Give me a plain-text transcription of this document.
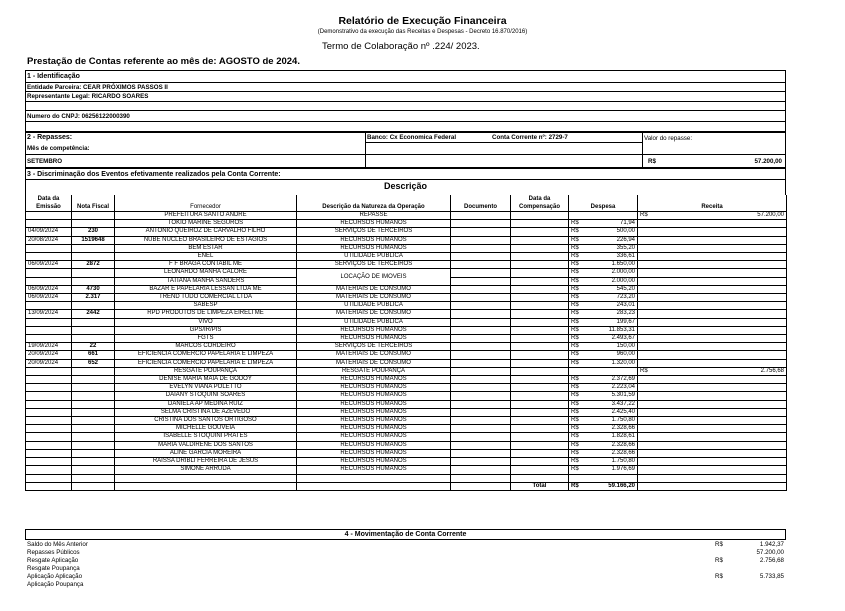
Relatório de Execução Financeira
(Demonstrativo da execução das Receitas e Despesas - Decreto 16.870/2016)
Termo de Colaboração nº .224/ 2023.
Prestação de Contas referente ao mês de: AGOSTO de 2024.
1 - Identificação
Entidade Parceira: CEAR PRÓXIMOS PASSOS II
Representante Legal: RICARDO SOARES
Numero do CNPJ: 06256122000390
2 - Repasses:
Mês de competência:
SETEMBRO
Banco: Cx Economica Federal	Conta Corrente nº: 2729-7	Valor do repasse:
R$	57.200,00
3 - Discriminação dos Eventos efetivamente realizados pela Conta Corrente:
Descrição
Data da					Data da		

Emissão	Nota Fiscal	Fornecedor	Descrição da Natureza da Operação	Documento	Compensação	Despesa	Receita
		PREFEITURA SANTO ANDRE	REPASSE				R$ 57.200,00
		TOKIO MARINE SEGUROS	RECURSOS HUMANOS			R$ 71,94	
04/09/2024	230	ANTONIO QUEIROZ DE CARVALHO FILHO	SERVIÇOS DE TERCEIROS			R$ 500,00	
20/08/2024	1519648	NUBE NUCLEO BRASILEIRO DE ESTÁGIOS	RECURSOS HUMANOS			R$ 226,94	
		BEM ESTAR	RECURSOS HUMANOS			R$ 355,20	
		ENEL	UTILIDADE PUBLICA			R$ 336,61	
06/09/2024	2872	F F BRAGA CONTABIL ME	SERVIÇOS DE TERCEIROS			R$ 1.650,00	
		LEONARDO MANHA CALORE	LOCAÇÃO DE IMOVEIS			R$ 2.000,00	
		TATIANA MANHA SANDERS				R$ 2.000,00	
06/09/2024	4730	BAZAR E PAPELARIA LESSAN LTDA ME	MATERIAIS DE CONSUMO			R$ 545,20	
06/09/2024	2.317	TREND TUDO COMERCIAL LTDA	MATERIAIS DE CONSUMO			R$ 723,20	
		SABESP	UTILIDADE PUBLICA			R$ 243,01	
13/09/2024	2442	RPD PRODUTOS DE LIMPEZA EIRELI ME	MATERIAIS DE CONSUMO			R$ 283,23	
		VIVO	UTILIDADE PUBLICA			R$ 199,67	
		GPS/IR/PIS	RECURSOS HUMANOS			R$ 11.853,31	
		FGTS	RECURSOS HUMANOS			R$ 2.493,67	
19/09/2024	22	MARCOS CORDEIRO	SERVIÇOS DE TERCEIROS			R$ 150,00	
20/09/2024	661	EFICIENCIA COMERCIO PAPELARIA E LIMPEZA	MATERIAIS DE CONSUMO			R$ 960,00	
20/09/2024	652	EFICIENCIA COMERCIO PAPELARIA E LIMPEZA	MATERIAIS DE CONSUMO			R$ 1.320,00	
		RESGATE POUPANÇA	RESGATE POUPANÇA				R$ 2.756,68
		DENISE MARIA MAIA DE GODOY	RECURSOS HUMANOS			R$ 2.372,69	
		EVELYN VIANA POLETTO	RECURSOS HUMANOS			R$ 2.223,04	
		DAIANY STOQUINI SOARES	RECURSOS HUMANOS			R$ 5.301,59	
		DANIELA AP MEDINA RUIZ	RECURSOS HUMANOS			R$ 3.437,22	
		SELMA CRISTINA DE AZEVEDO	RECURSOS HUMANOS			R$ 2.425,40	
		CRISTINA DOS SANTOS ORTIGOSO	RECURSOS HUMANOS			R$ 1.750,80	
		MICHELLE GOUVEIA	RECURSOS HUMANOS			R$ 2.328,66	
		ISABELLE STOQUINI PRATES	RECURSOS HUMANOS			R$ 1.828,61	
		MARIA VALDIRENE DOS SANTOS	RECURSOS HUMANOS			R$ 2.328,66	
		ALINE GARCIA MOREIRA	RECURSOS HUMANOS			R$ 2.328,66	
		RAISSA DRIBLI FERREIRA DE JESUS	RECURSOS HUMANOS			R$ 1.750,80	
		SIMONE ARRUDA	RECURSOS HUMANOS			R$ 1.976,69	

					Total	R$ 59.166,20	
4 - Movimentação de Conta Corrente
Saldo do Mês Anterior	R$	1.942,37
Repasses Públicos		57.200,00
Resgate Aplicação	R$	2.756,68
Resgate Poupança		
Aplicação Aplicação	R$	5.733,85
Aplicação Poupança		
